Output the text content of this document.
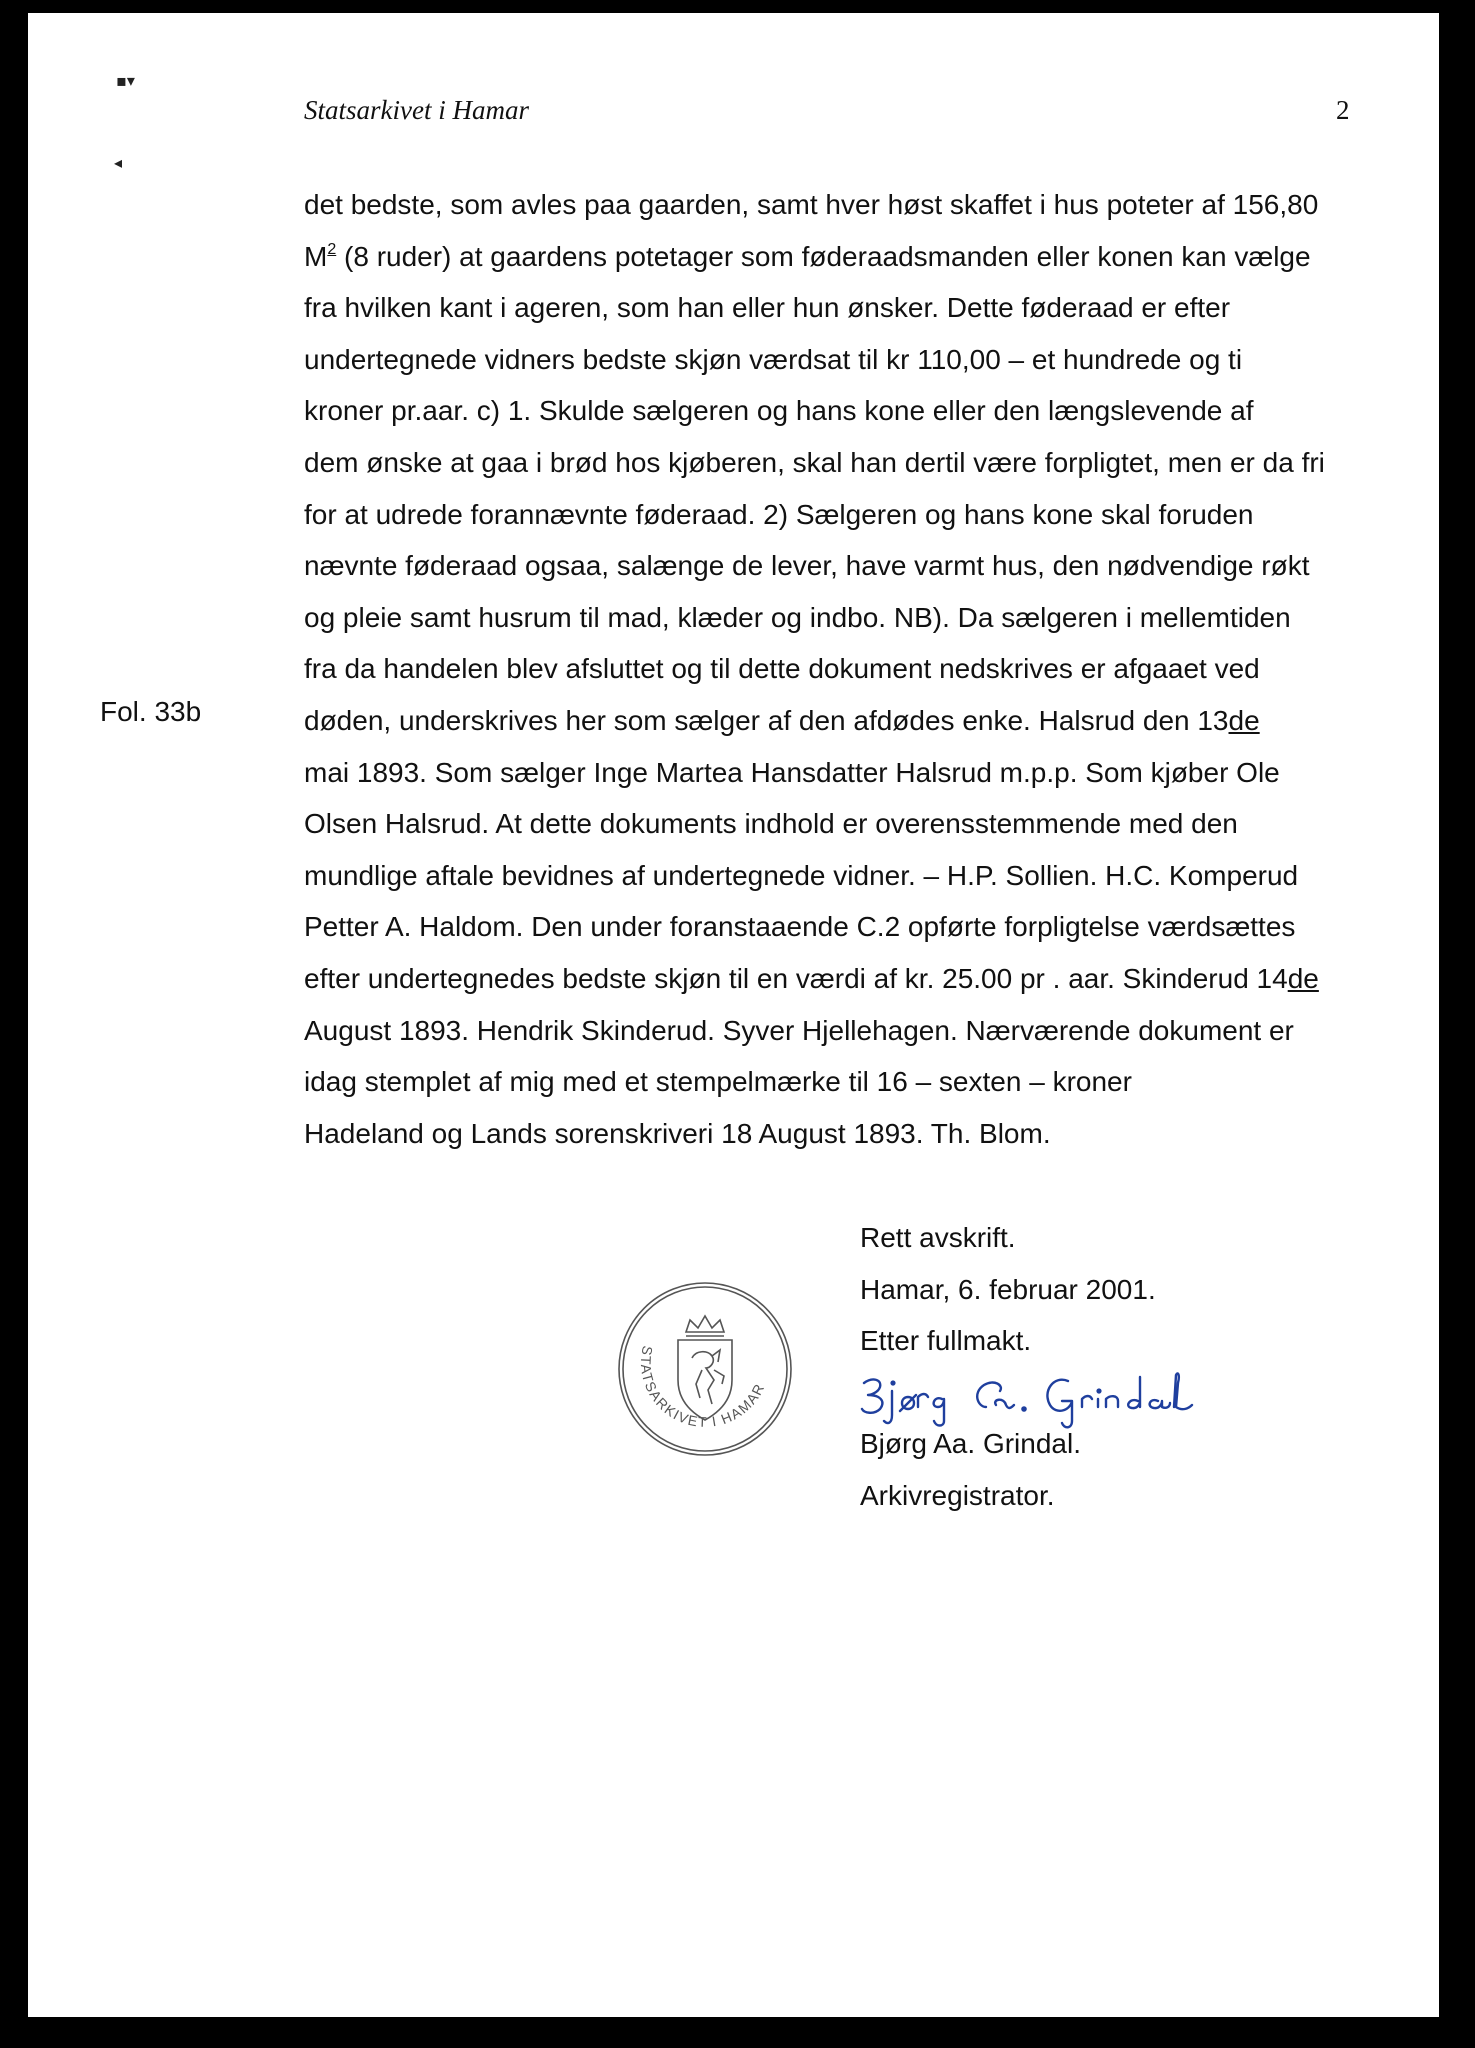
▪▾
◂
Statsarkivet i Hamar	2
Fol. 33b
det bedste, som avles paa gaarden, samt hver høst skaffet i hus poteter af 156,80
$M^2$ (8 ruder) at gaardens potetager som føderaadsmanden eller konen kan vælge
fra hvilken kant i ageren, som han eller hun ønsker. Dette føderaad er efter
undertegnede vidners bedste skjøn værdsat til kr 110,00 – et hundrede og ti
kroner pr.aar. c) 1. Skulde sælgeren og hans kone eller den længslevende af
dem ønske at gaa i brød hos kjøberen, skal han dertil være forpligtet, men er da fri
for at udrede forannævnte føderaad. 2) Sælgeren og hans kone skal foruden
nævnte føderaad ogsaa, salænge de lever, have varmt hus, den nødvendige røkt
og pleie samt husrum til mad, klæder og indbo. NB). Da sælgeren i mellemtiden
fra da handelen blev afsluttet og til dette dokument nedskrives er afgaaet ved
døden, underskrives her som sælger af den afdødes enke. Halsrud den 13de
mai 1893. Som sælger Inge Martea Hansdatter Halsrud m.p.p. Som kjøber Ole
Olsen Halsrud. At dette dokuments indhold er overensstemmende med den
mundlige aftale bevidnes af undertegnede vidner. – H.P. Sollien. H.C. Komperud
Petter A. Haldom. Den under foranstaaende C.2 opførte forpligtelse værdsættes
efter undertegnedes bedste skjøn til en værdi af kr. 25.00 pr . aar. Skinderud 14de
August 1893. Hendrik Skinderud. Syver Hjellehagen. Nærværende dokument er
idag stemplet af mig med et stempelmærke til 16 – sexten – kroner
Hadeland og Lands sorenskriveri 18 August 1893. Th. Blom.
Rett avskrift.
Hamar, 6. februar 2001.
Etter fullmakt.
Bjørg Aa. Grindal.
Arkivregistrator.
STATSARKIVET I HAMAR
